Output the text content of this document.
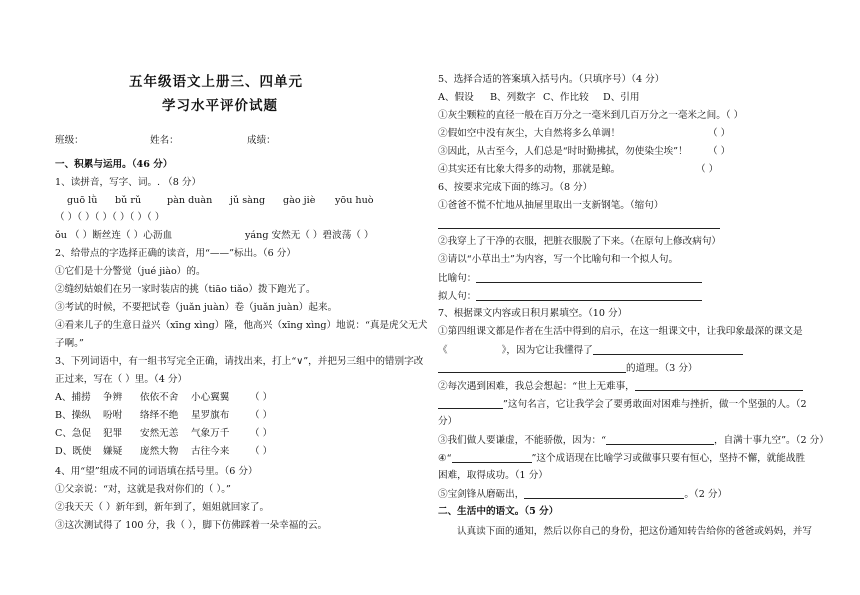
五年级语文上册三、四单元
学习水平评价试题
班级：	姓名：	成绩：
一、积累与运用。（46 分）
1、读拼音，写字、词。. （8 分）
guō lǜ bǔ rǔ	pàn duàn jǔ sàng gào jiè yōu huò
（ ）（ ）（ ）（ ）（ ）（ ）
ǒu （ ）断丝连（ ）心沥血	yáng 安然无（ ）碧波荡（ ）
2、给带点的字选择正确的读音，用“——”标出。（6 分）
①它们是十分警觉（jué jiào）的。
②缝纫姑娘们在另一家时装店的挑（tiāo tiǎo）拨下跑光了。
③考试的时候，不要把试卷（juǎn juàn）卷（juǎn juàn）起来。
④看来儿子的生意日益兴（xīng xìng）隆，他高兴（xīng xìng）地说：“真是虎父无犬
子啊。”
3、下列词语中，有一组书写完全正确，请找出来，打上“∨”，并把另三组中的错别字改
正过来，写在（ ）里。（4 分）
A、捕捞 争辨 依依不舍 小心翼翼 （ ）
B、操纵 吩咐 络绎不绝 星罗旗布 （ ）
C、急促 犯罪 安然无恙 气象万千 （ ）
D、既使 嫌疑 庞然大物 古往今来 （ ）
4、用“望”组成不同的词语填在括号里。（6 分）
①父亲说：“对，这就是我对你们的（ ）。”
②我天天（ ）新年到，新年到了，姐姐就回家了。
③这次测试得了 100 分，我（ ），脚下仿佛踩着一朵幸福的云。
5、选择合适的答案填入括号内。（只填序号）（4 分）
A、假设 B、列数字 C、作比较 D、引用
①灰尘颗粒的直径一般在百万分之一毫米到几百万分之一毫米之间。（ ）
②假如空中没有灰尘，大自然将多么单调！	（ ）
③因此，从古至今，人们总是“时时勤拂拭，勿使染尘埃”！ （ ）
④其实还有比象大得多的动物，那就是鲸。	（ ）
6、按要求完成下面的练习。（8 分）
①爸爸不慌不忙地从抽屉里取出一支新钢笔。（缩句）
②我穿上了干净的衣服，把脏衣服脱了下来。（在原句上修改病句）
③请以“小草出土”为内容，写一个比喻句和一个拟人句。
比喻句：
拟人句：
7、根据课文内容或日积月累填空。（10 分）
①第四组课文都是作者在生活中得到的启示，在这一组课文中，让我印象最深的课文是
《	》，因为它让我懂得了
的道理。（3 分）
②每次遇到困难，我总会想起：“世上无难事，
”这句名言，它让我学会了要勇敢面对困难与挫折，做一个坚强的人。（2
分）
③我们做人要谦虚，不能骄傲，因为：“	，自满十事九空”。（2 分）
④“	”这个成语现在比喻学习或做事只要有恒心，坚持不懈，就能战胜
困难，取得成功。（1 分）
⑤宝剑锋从磨砺出，	。（2 分）
二、生活中的语文。（5 分）
认真读下面的通知，然后以你自己的身份，把这份通知转告给你的爸爸或妈妈，并写
